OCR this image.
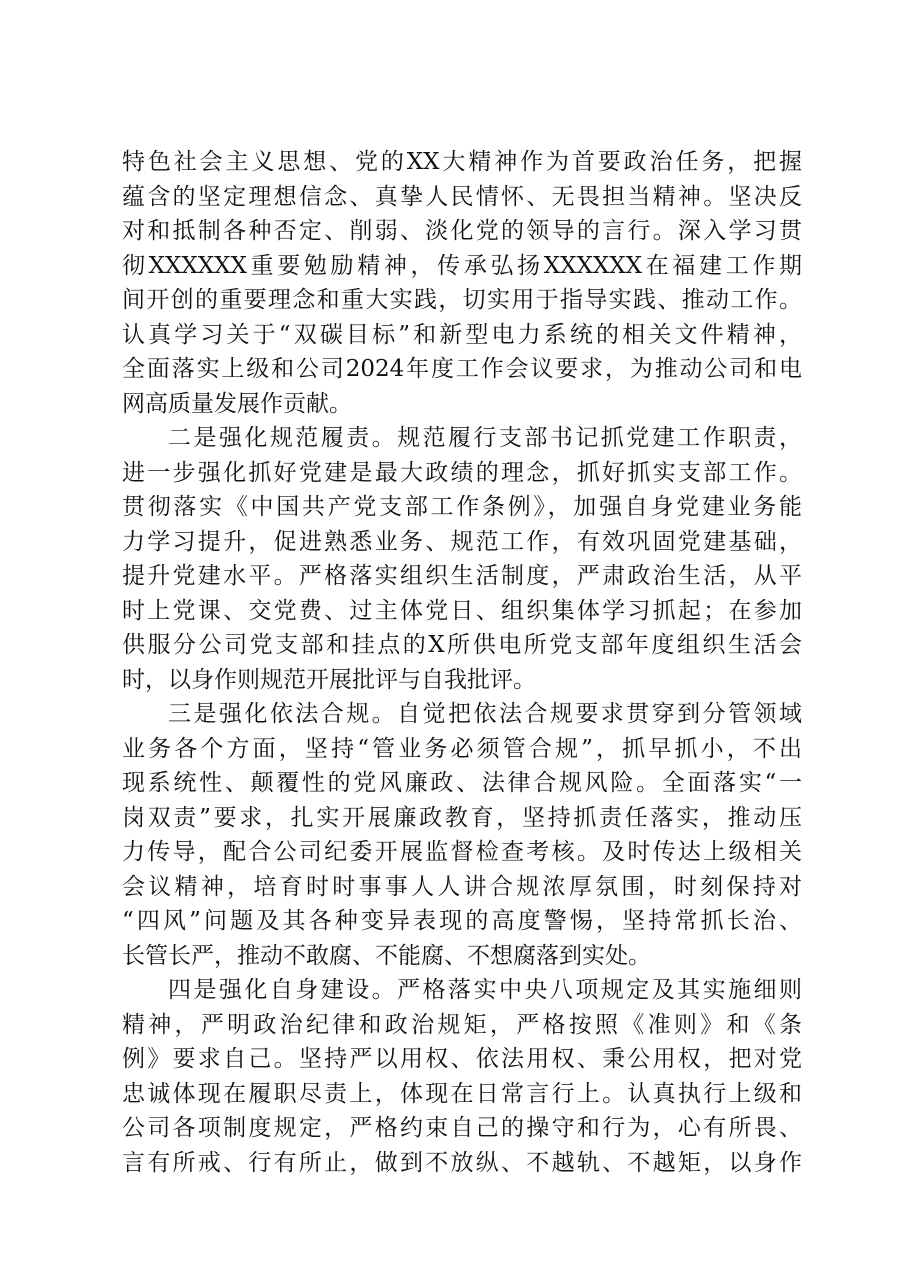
特色社会主义思想、党的XX大精神作为首要政治任务，把握
蕴含的坚定理想信念、真挚人民情怀、无畏担当精神。坚决反
对和抵制各种否定、削弱、淡化党的领导的言行。深入学习贯
彻XXXXXX重要勉励精神，传承弘扬XXXXXX在福建工作期
间开创的重要理念和重大实践，切实用于指导实践、推动工作。
认真学习关于“双碳目标”和新型电力系统的相关文件精神，
全面落实上级和公司2024年度工作会议要求，为推动公司和电
网高质量发展作贡献。
二是强化规范履责。规范履行支部书记抓党建工作职责，
进一步强化抓好党建是最大政绩的理念，抓好抓实支部工作。
贯彻落实《中国共产党支部工作条例》，加强自身党建业务能
力学习提升，促进熟悉业务、规范工作，有效巩固党建基础，
提升党建水平。严格落实组织生活制度，严肃政治生活，从平
时上党课、交党费、过主体党日、组织集体学习抓起；在参加
供服分公司党支部和挂点的X所供电所党支部年度组织生活会
时，以身作则规范开展批评与自我批评。
三是强化依法合规。自觉把依法合规要求贯穿到分管领域
业务各个方面，坚持“管业务必须管合规”，抓早抓小，不出
现系统性、颠覆性的党风廉政、法律合规风险。全面落实“一
岗双责”要求，扎实开展廉政教育，坚持抓责任落实，推动压
力传导，配合公司纪委开展监督检查考核。及时传达上级相关
会议精神，培育时时事事人人讲合规浓厚氛围，时刻保持对
“四风”问题及其各种变异表现的高度警惕，坚持常抓长治、
长管长严，推动不敢腐、不能腐、不想腐落到实处。
四是强化自身建设。严格落实中央八项规定及其实施细则
精神，严明政治纪律和政治规矩，严格按照《准则》和《条
例》要求自己。坚持严以用权、依法用权、秉公用权，把对党
忠诚体现在履职尽责上，体现在日常言行上。认真执行上级和
公司各项制度规定，严格约束自己的操守和行为，心有所畏、
言有所戒、行有所止，做到不放纵、不越轨、不越矩，以身作
